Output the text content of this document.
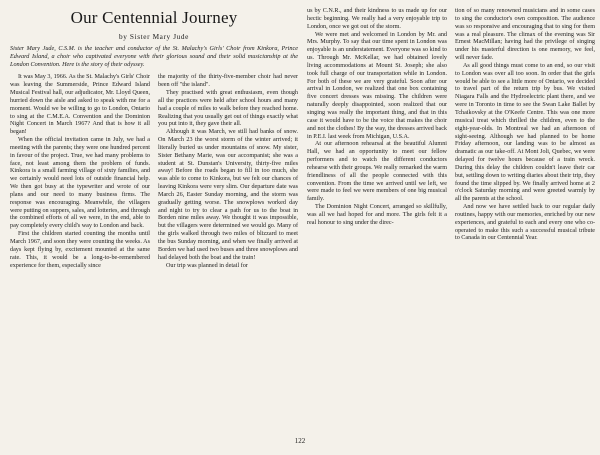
Our Centennial Journey
by Sister Mary Jude

Sister Mary Jude, C.S.M. is the teacher and conductor of the St. Malachy's Girls' Choir from Kinkora, Prince Edward Island, a choir who captivated everyone with their glorious sound and their solid musicianship at the London Convention. Here is the story of their odyssey.

It was May 3, 1966. As the St. Malachy's Girls' Choir was leaving the Summerside, Prince Edward Island Musical Festival hall, our adjudicator, Mr. Lloyd Queen, hurried down the aisle and asked to speak with me for a moment. Would we be willing to go to London, Ontario to sing at the C.M.E.A. Convention and the Dominion Night Concert in March 1967? And that is how it all began!

When the official invitation came in July, we had a meeting with the parents; they were one hundred percent in favour of the project. True, we had many problems to face, not least among them the problem of funds. Kinkora is a small farming village of sixty families, and we certainly would need lots of outside financial help. We then got busy at the typewriter and wrote of our plans and our need to many business firms. The response was encouraging. Meanwhile, the villagers were putting on suppers, sales, and lotteries, and through the combined efforts of all we were, in the end, able to pay completely every child's way to London and back.

First the children started counting the months until March 1967, and soon they were counting the weeks. As days kept flying by, excitement mounted at the same rate. This, it would be a long-to-be-remembered experience for them, especially since

the majority of the thirty-five-member choir had never been off "the island".

They practised with great enthusiasm, even though all the practices were held after school hours and many had a couple of miles to walk before they reached home. Realizing that you usually get out of things exactly what you put into it, they gave their all.

Although it was March, we still had banks of snow. On March 23 the worst storm of the winter arrived; it literally buried us under mountains of snow. My sister, Sister Bethany Marie, was our accompanist; she was a student at St. Dunstan's University, thirty-five miles away! Before the roads began to fill in too much, she was able to come to Kinkora, but we felt our chances of leaving Kinkora were very slim. Our departure date was March 26, Easter Sunday morning, and the storm was gradually getting worse. The snowplows worked day and night to try to clear a path for us to the boat in Borden nine miles away. We thought it was impossible, but the villagers were determined we would go. Many of the girls walked through two miles of blizzard to meet the bus Sunday morning, and when we finally arrived at Borden we had used two buses and three snowplows and had delayed both the boat and the train!

Our trip was planned in detail for

us by C.N.R., and their kindness to us made up for our hectic beginning. We really had a very enjoyable trip to London, once we got out of the storm.

We were met and welcomed in London by Mr. and Mrs. Murphy. To say that our time spent in London was enjoyable is an understatement. Everyone was so kind to us. Through Mr. McKellar, we had obtained lovely living accommodations at Mount St. Joseph; she also took full charge of our transportation while in London. For both of these we are very grateful. Soon after our arrival in London, we realized that one box containing five concert dresses was missing. The children were naturally deeply disappointed, soon realized that our singing was really the important thing, and that in this case it would have to be the voice that makes the choir and not the clothes! By the way, the dresses arrived back in P.E.I. last week from Michigan, U.S.A.

At our afternoon rehearsal at the beautiful Alumni Hall, we had an opportunity to meet our fellow performers and to watch the different conductors rehearse with their groups. We really remarked the warm friendliness of all the people connected with this convention. From the time we arrived until we left, we were made to feel we were members of one big musical family.

The Dominion Night Concert, arranged so skillfully, was all we had hoped for and more. The girls felt it a real honour to sing under the direc-

tion of so many renowned musicians and in some cases to sing the conductor's own composition. The audience was so responsive and encouraging that to sing for them was a real pleasure. The climax of the evening was Sir Ernest MacMillan; having had the privilege of singing under his masterful direction is one memory, we feel, will never fade.

As all good things must come to an end, so our visit to London was over all too soon. In order that the girls would be able to see a little more of Ontario, we decided to travel part of the return trip by bus. We visited Niagara Falls and the Hydroelectric plant there, and we were in Toronto in time to see the Swan Lake Ballet by Tchaikovsky at the O'Keefe Centre. This was one more musical treat which thrilled the children, even to the eight-year-olds. In Montreal we had an afternoon of sight-seeing. Although we had planned to be home Friday afternoon, our landing was to be almost as dramatic as our take-off. At Mont Joli, Quebec, we were delayed for twelve hours because of a train wreck. During this delay the children couldn't leave their car but, settling down to writing diaries about their trip, they found the time slipped by. We finally arrived home at 2 o'clock Saturday morning and were greeted warmly by all the parents at the school.

And now we have settled back to our regular daily routines, happy with our memories, enriched by our new experiences, and grateful to each and every one who co-operated to make this such a successful musical tribute to Canada in our Centennial Year.

122
